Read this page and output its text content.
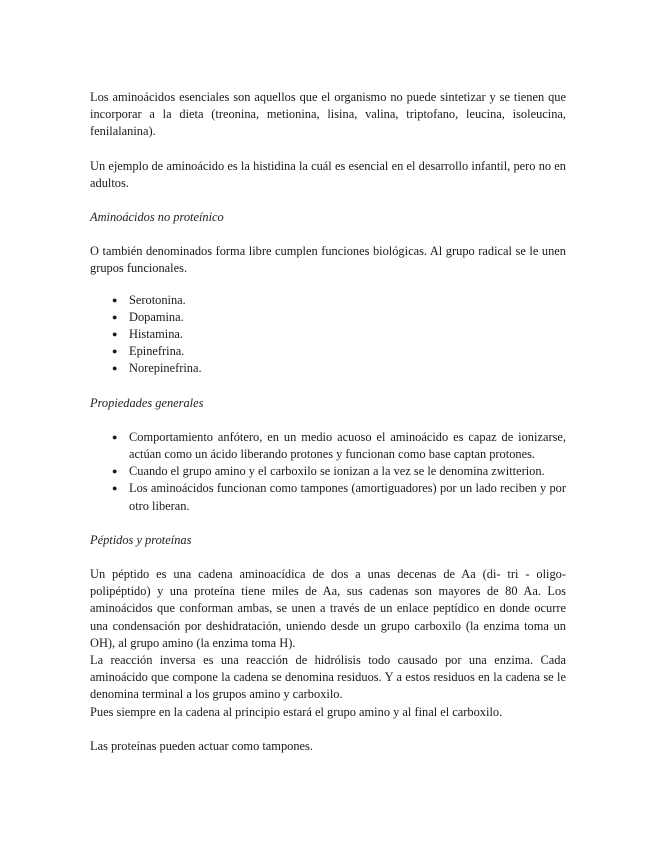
Los aminoácidos esenciales son aquellos que el organismo no puede sintetizar y se tienen que incorporar a la dieta (treonina, metionina, lisina, valina, triptofano, leucina, isoleucina, fenilalanina).

Un ejemplo de aminoácido es la histidina la cuál es esencial en el desarrollo infantil, pero no en adultos.

Aminoácidos no proteínico

O también denominados forma libre cumplen funciones biológicas. Al grupo radical se le unen grupos funcionales.

● Serotonina.
● Dopamina.
● Histamina.
● Epinefrina.
● Norepinefrina.
Propiedades generales
● Comportamiento anfótero, en un medio acuoso el aminoácido es capaz de ionizarse, actúan como un ácido liberando protones y funcionan como base captan protones.
● Cuando el grupo amino y el carboxilo se ionizan a la vez se le denomina zwitterion.
● Los aminoácidos funcionan como tampones (amortiguadores) por un lado reciben y por otro liberan.
Péptidos y proteínas

Un péptido es una cadena aminoacídica de dos a unas decenas de Aa (di- tri - oligo- polipéptido) y una proteína tiene miles de Aa, sus cadenas son mayores de 80 Aa. Los aminoácidos que conforman ambas, se unen a través de un enlace peptídico en donde ocurre una condensación por deshidratación, uniendo desde un grupo carboxilo (la enzima toma un OH), al grupo amino (la enzima toma H).

La reacción inversa es una reacción de hidrólisis todo causado por una enzima. Cada aminoácido que compone la cadena se denomina residuos. Y a estos residuos en la cadena se le denomina terminal a los grupos amino y carboxilo.

Pues siempre en la cadena al principio estará el grupo amino y al final el carboxilo.

Las proteínas pueden actuar como tampones.
